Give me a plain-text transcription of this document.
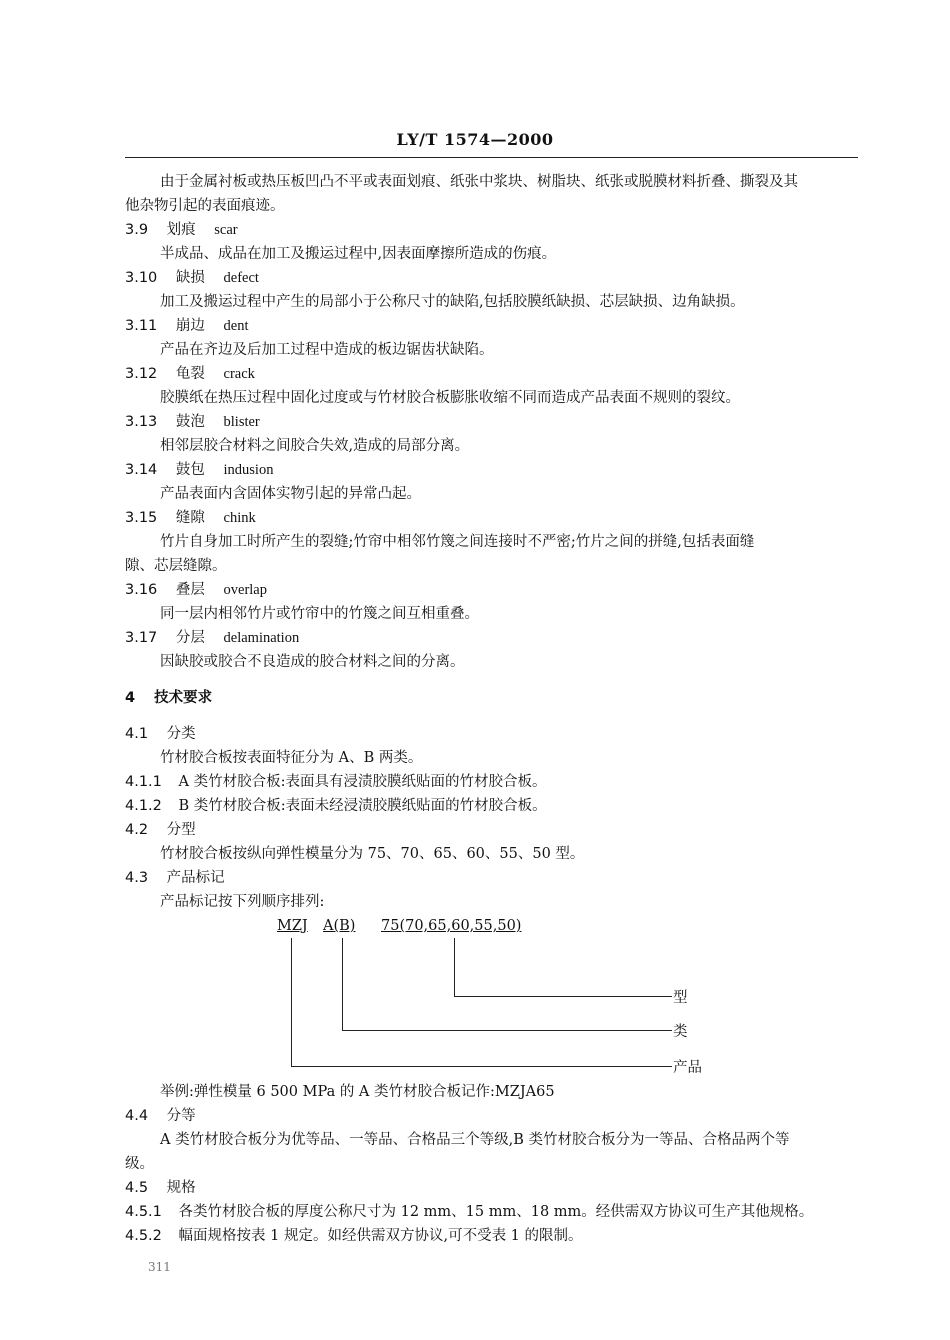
LY/T 1574—2000
由于金属衬板或热压板凹凸不平或表面划痕、纸张中浆块、树脂块、纸张或脱膜材料折叠、撕裂及其
他杂物引起的表面痕迹。
3.9 划痕 scar
半成品、成品在加工及搬运过程中,因表面摩擦所造成的伤痕。
3.10 缺损 defect
加工及搬运过程中产生的局部小于公称尺寸的缺陷,包括胶膜纸缺损、芯层缺损、边角缺损。
3.11 崩边 dent
产品在齐边及后加工过程中造成的板边锯齿状缺陷。
3.12 龟裂 crack
胶膜纸在热压过程中固化过度或与竹材胶合板膨胀收缩不同而造成产品表面不规则的裂纹。
3.13 鼓泡 blister
相邻层胶合材料之间胶合失效,造成的局部分离。
3.14 鼓包 indusion
产品表面内含固体实物引起的异常凸起。
3.15 缝隙 chink
竹片自身加工时所产生的裂缝;竹帘中相邻竹篾之间连接时不严密;竹片之间的拼缝,包括表面缝
隙、芯层缝隙。
3.16 叠层 overlap
同一层内相邻竹片或竹帘中的竹篾之间互相重叠。
3.17 分层 delamination
因缺胶或胶合不良造成的胶合材料之间的分离。
4 技术要求
4.1 分类
竹材胶合板按表面特征分为 A、B 两类。
4.1.1 A 类竹材胶合板:表面具有浸渍胶膜纸贴面的竹材胶合板。
4.1.2 B 类竹材胶合板:表面未经浸渍胶膜纸贴面的竹材胶合板。
4.2 分型
竹材胶合板按纵向弹性模量分为 75、70、65、60、55、50 型。
4.3 产品标记
产品标记按下列顺序排列:
MZJ A(B) 75(70,65,60,55,50)
型
类
产品
举例:弹性模量 6 500 MPa 的 A 类竹材胶合板记作:MZJA65
4.4 分等
A 类竹材胶合板分为优等品、一等品、合格品三个等级,B 类竹材胶合板分为一等品、合格品两个等
级。
4.5 规格
4.5.1 各类竹材胶合板的厚度公称尺寸为 12 mm、15 mm、18 mm。经供需双方协议可生产其他规格。
4.5.2 幅面规格按表 1 规定。如经供需双方协议,可不受表 1 的限制。
311
